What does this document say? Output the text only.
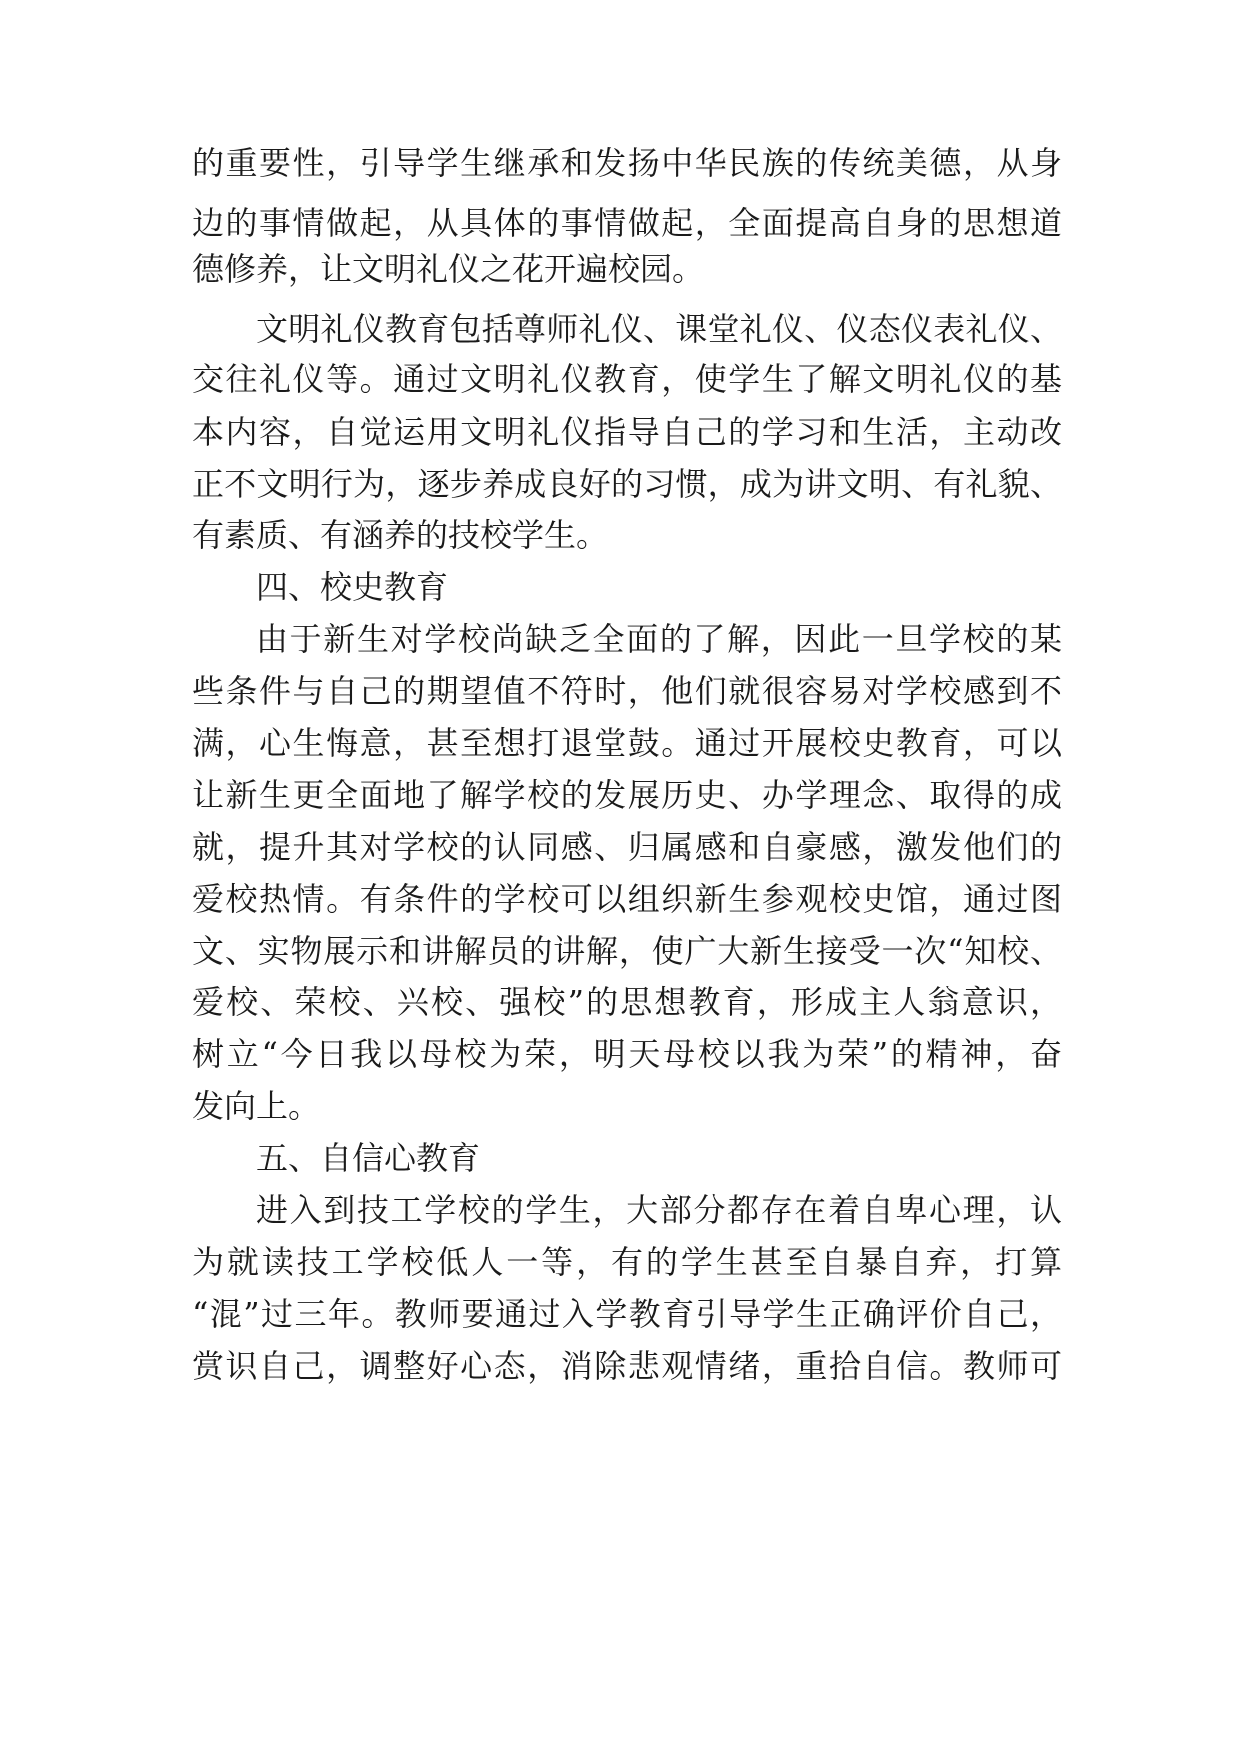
的重要性，引导学生继承和发扬中华民族的传统美德，从身
边的事情做起，从具体的事情做起，全面提高自身的思想道
德修养，让文明礼仪之花开遍校园。
文明礼仪教育包括尊师礼仪、课堂礼仪、仪态仪表礼仪、
交往礼仪等。通过文明礼仪教育，使学生了解文明礼仪的基
本内容，自觉运用文明礼仪指导自己的学习和生活，主动改
正不文明行为，逐步养成良好的习惯，成为讲文明、有礼貌、
有素质、有涵养的技校学生。
四、校史教育
由于新生对学校尚缺乏全面的了解，因此一旦学校的某
些条件与自己的期望值不符时，他们就很容易对学校感到不
满，心生悔意，甚至想打退堂鼓。通过开展校史教育，可以
让新生更全面地了解学校的发展历史、办学理念、取得的成
就，提升其对学校的认同感、归属感和自豪感，激发他们的
爱校热情。有条件的学校可以组织新生参观校史馆，通过图
文、实物展示和讲解员的讲解，使广大新生接受一次“知校、
爱校、荣校、兴校、强校”的思想教育，形成主人翁意识，
树立“今日我以母校为荣，明天母校以我为荣”的精神，奋
发向上。
五、自信心教育
进入到技工学校的学生，大部分都存在着自卑心理，认
为就读技工学校低人一等，有的学生甚至自暴自弃，打算
“混”过三年。教师要通过入学教育引导学生正确评价自己，
赏识自己，调整好心态，消除悲观情绪，重拾自信。教师可
